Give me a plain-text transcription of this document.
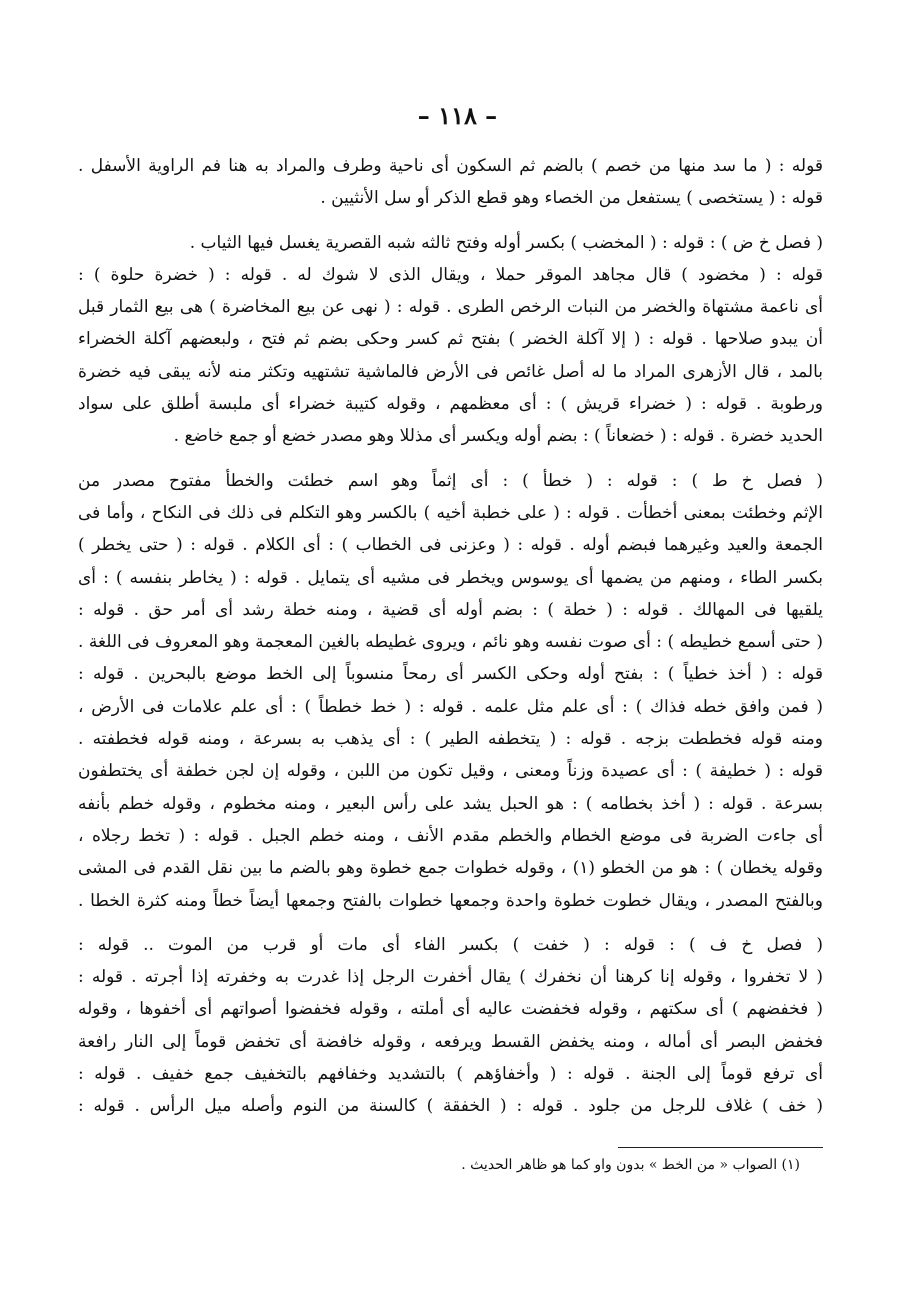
– ١١٨ –
قوله : ( ما سد منها من خصم ) بالضم ثم السكون أى ناحية وطرف والمراد به هنا فم الراوية الأسفل .
قوله : ( يستخصى ) يستفعل من الخصاء وهو قطع الذكر أو سل الأنثيين .
( فصل خ ض ) : قوله : ( المخضب ) بكسر أوله وفتح ثالثه شبه القصرية يغسل فيها الثياب .
قوله : ( مخضود ) قال مجاهد الموقر حملا ، ويقال الذى لا شوك له . قوله : ( خضرة حلوة ) :
أى ناعمة مشتهاة والخضر من النبات الرخص الطرى . قوله : ( نهى عن بيع المخاضرة ) هى بيع الثمار قبل
أن يبدو صلاحها . قوله : ( إلا آكلة الخضر ) بفتح ثم كسر وحكى بضم ثم فتح ، ولبعضهم آكلة الخضراء
بالمد ، قال الأزهرى المراد ما له أصل غائص فى الأرض فالماشية تشتهيه وتكثر منه لأنه يبقى فيه خضرة
ورطوبة . قوله : ( خضراء قريش ) : أى معظمهم ، وقوله كتيبة خضراء أى ملبسة أطلق على سواد
الحديد خضرة . قوله : ( خضعاناً ) : بضم أوله ويكسر أى مذللا وهو مصدر خضع أو جمع خاضع .
( فصل خ ط ) : قوله : ( خطأ ) : أى إثماً وهو اسم خطئت والخطأ مفتوح مصدر من
الإثم وخطئت بمعنى أخطأت . قوله : ( على خطبة أخيه ) بالكسر وهو التكلم فى ذلك فى النكاح ، وأما فى
الجمعة والعيد وغيرهما فبضم أوله . قوله : ( وعزنى فى الخطاب ) : أى الكلام . قوله : ( حتى يخطر )
بكسر الطاء ، ومنهم من يضمها أى يوسوس ويخطر فى مشيه أى يتمايل . قوله : ( يخاطر بنفسه ) : أى
يلقيها فى المهالك . قوله : ( خطة ) : بضم أوله أى قضية ، ومنه خطة رشد أى أمر حق . قوله :
( حتى أسمع خطيطه ) : أى صوت نفسه وهو نائم ، ويروى غطيطه بالغين المعجمة وهو المعروف فى اللغة .
قوله : ( أخذ خطياً ) : بفتح أوله وحكى الكسر أى رمحاً منسوباً إلى الخط موضع بالبحرين . قوله :
( فمن وافق خطه فذاك ) : أى علم مثل علمه . قوله : ( خط خططاً ) : أى علم علامات فى الأرض ،
ومنه قوله فخططت بزجه . قوله : ( يتخطفه الطير ) : أى يذهب به بسرعة ، ومنه قوله فخطفته .
قوله : ( خطيفة ) : أى عصيدة وزناً ومعنى ، وقيل تكون من اللبن ، وقوله إن لجن خطفة أى يختطفون
بسرعة . قوله : ( أخذ بخطامه ) : هو الحبل يشد على رأس البعير ، ومنه مخطوم ، وقوله خطم بأنفه
أى جاءت الضربة فى موضع الخطام والخطم مقدم الأنف ، ومنه خطم الجبل . قوله : ( تخط رجلاه ،
وقوله يخطان ) : هو من الخطو (١) ، وقوله خطوات جمع خطوة وهو بالضم ما بين نقل القدم فى المشى
وبالفتح المصدر ، ويقال خطوت خطوة واحدة وجمعها خطوات بالفتح وجمعها أيضاً خطاً ومنه كثرة الخطا .
( فصل خ ف ) : قوله : ( خفت ) بكسر الفاء أى مات أو قرب من الموت .. قوله :
( لا تخفروا ، وقوله إنا كرهنا أن نخفرك ) يقال أخفرت الرجل إذا غدرت به وخفرته إذا أجرته . قوله :
( فخفضهم ) أى سكتهم ، وقوله فخفضت عاليه أى أملته ، وقوله فخفضوا أصواتهم أى أخفوها ، وقوله
فخفض البصر أى أماله ، ومنه يخفض القسط ويرفعه ، وقوله خافضة أى تخفض قوماً إلى النار رافعة
أى ترفع قوماً إلى الجنة . قوله : ( وأخفاؤهم ) بالتشديد وخفافهم بالتخفيف جمع خفيف . قوله :
( خف ) غلاف للرجل من جلود . قوله : ( الخفقة ) كالسنة من النوم وأصله ميل الرأس . قوله :
(١) الصواب « من الخط » بدون واو كما هو ظاهر الحديث .
